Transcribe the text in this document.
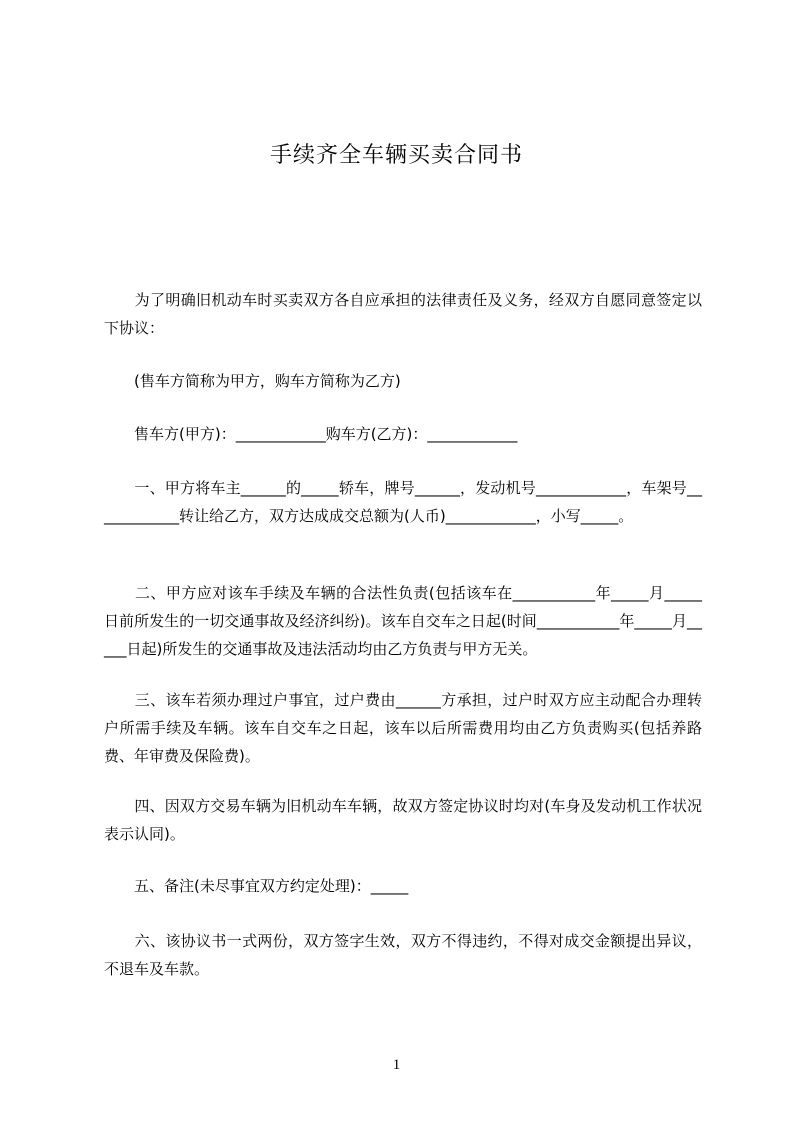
手续齐全车辆买卖合同书

　　为了明确旧机动车时买卖双方各自应承担的法律责任及义务，经双方自愿同意签定以下协议：

　　(售车方简称为甲方，购车方简称为乙方)

　　售车方(甲方)：____________购车方(乙方)：____________

　　一、甲方将车主______的_____轿车，牌号______，发动机号____________，车架号____________转让给乙方，双方达成成交总额为(人币)____________，小写_____。

　　二、甲方应对该车手续及车辆的合法性负责(包括该车在___________年_____月_____日前所发生的一切交通事故及经济纠纷)。该车自交车之日起(时间___________年_____月_____日起)所发生的交通事故及违法活动均由乙方负责与甲方无关。

　　三、该车若须办理过户事宜，过户费由______方承担，过户时双方应主动配合办理转户所需手续及车辆。该车自交车之日起，该车以后所需费用均由乙方负责购买(包括养路费、年审费及保险费)。

　　四、因双方交易车辆为旧机动车车辆，故双方签定协议时均对(车身及发动机工作状况表示认同)。

　　五、备注(未尽事宜双方约定处理)：_____

　　六、该协议书一式两份，双方签字生效，双方不得违约，不得对成交金额提出异议，不退车及车款。

1
